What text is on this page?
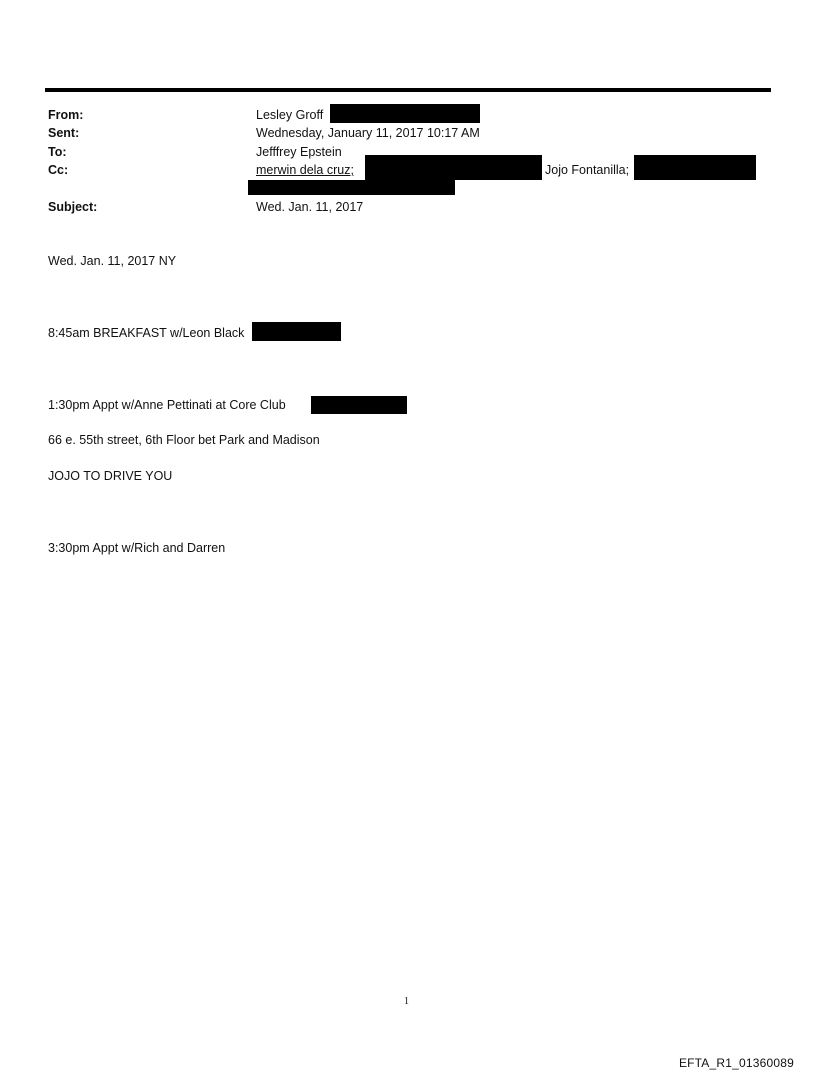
From:	Lesley Groff
Sent:	Wednesday, January 11, 2017 10:17 AM
To:	Jefffrey Epstein
Cc:	merwin dela cruz;	Jojo Fontanilla;
Subject:	Wed. Jan. 11, 2017
Wed. Jan. 11, 2017 NY
8:45am BREAKFAST w/Leon Black
1:30pm Appt w/Anne Pettinati at Core Club
66 e. 55th street, 6th Floor bet Park and Madison
JOJO TO DRIVE YOU
3:30pm Appt w/Rich and Darren
1
EFTA_R1_01360089
